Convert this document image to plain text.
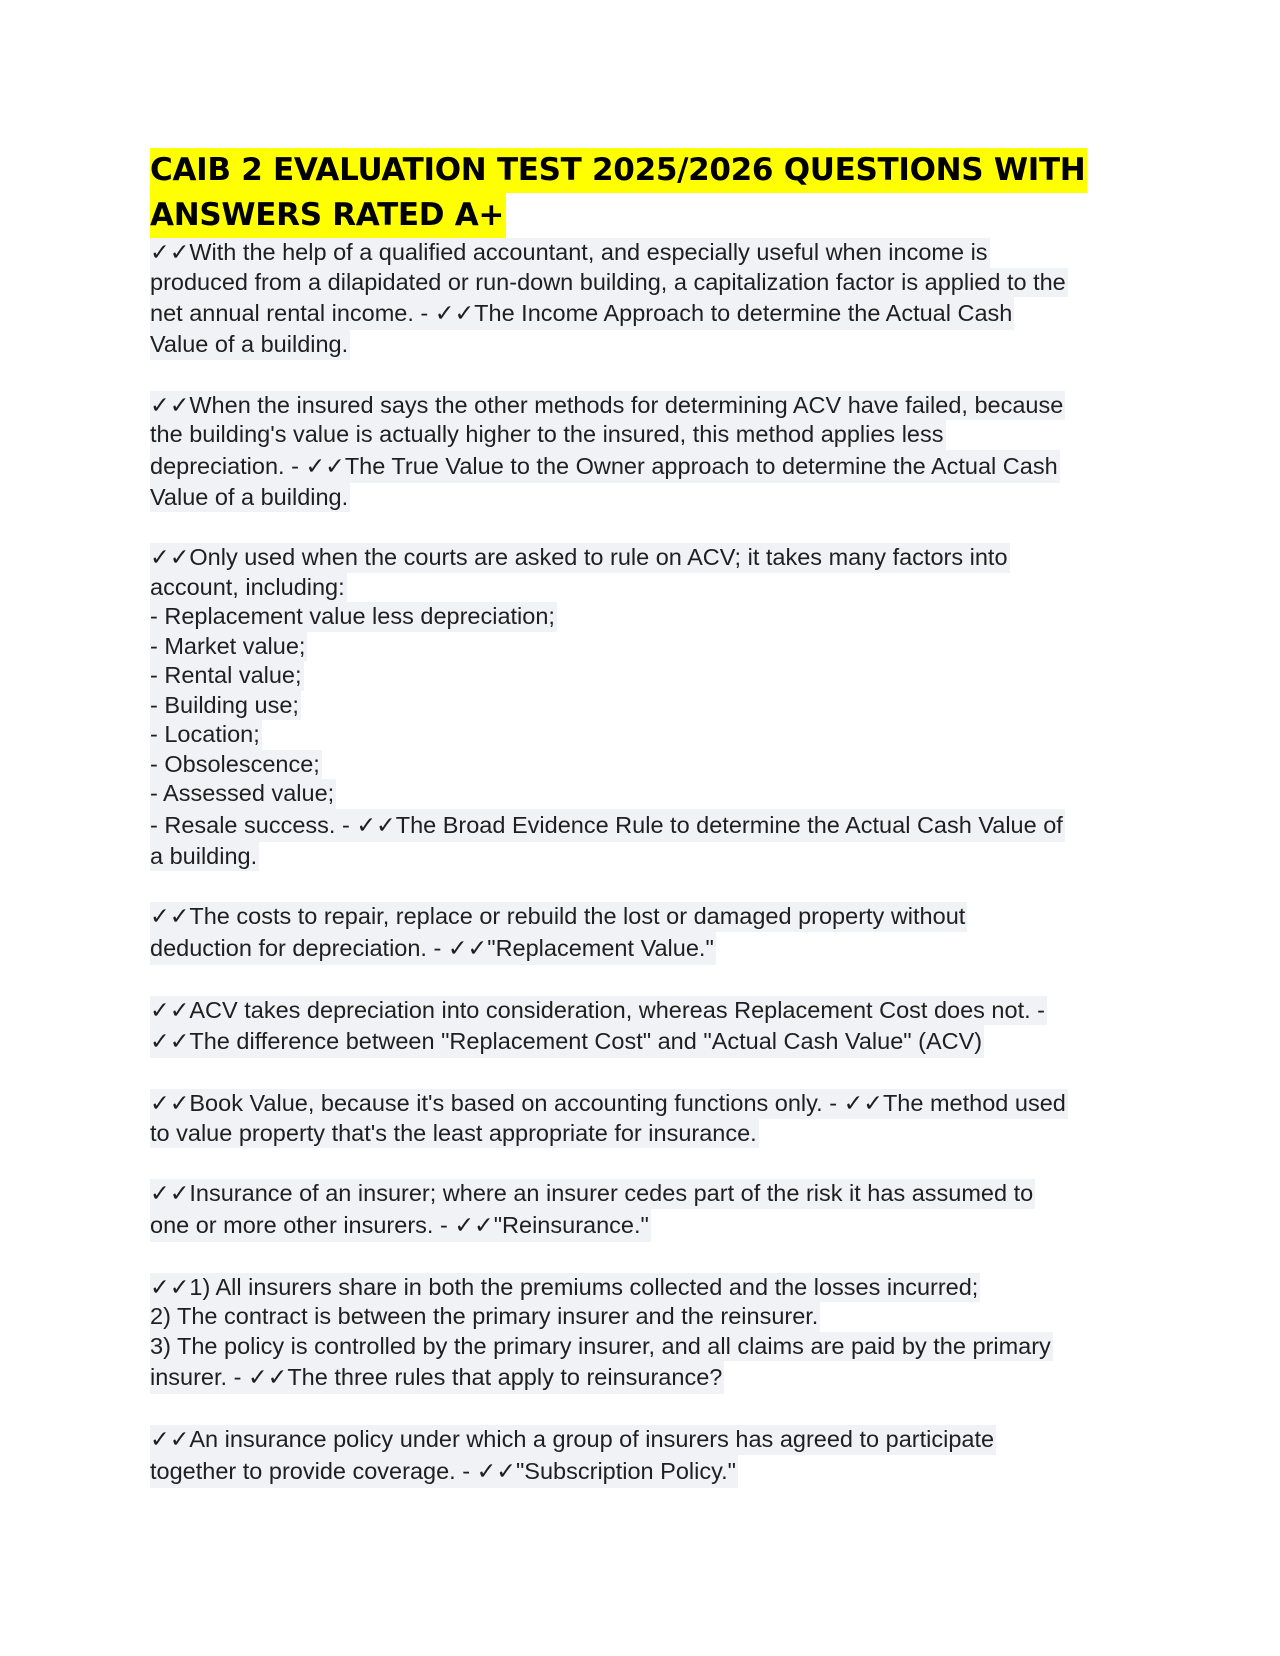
CAIB 2 EVALUATION TEST 2025/2026 QUESTIONS WITH
ANSWERS RATED A+
✓✓With the help of a qualified accountant, and especially useful when income is
produced from a dilapidated or run-down building, a capitalization factor is applied to the
net annual rental income. - ✓✓The Income Approach to determine the Actual Cash
Value of a building.
✓✓When the insured says the other methods for determining ACV have failed, because
the building's value is actually higher to the insured, this method applies less
depreciation. - ✓✓The True Value to the Owner approach to determine the Actual Cash
Value of a building.
✓✓Only used when the courts are asked to rule on ACV; it takes many factors into
account, including:
- Replacement value less depreciation;
- Market value;
- Rental value;
- Building use;
- Location;
- Obsolescence;
- Assessed value;
- Resale success. - ✓✓The Broad Evidence Rule to determine the Actual Cash Value of
a building.
✓✓The costs to repair, replace or rebuild the lost or damaged property without
deduction for depreciation. - ✓✓"Replacement Value."
✓✓ACV takes depreciation into consideration, whereas Replacement Cost does not. -
✓✓The difference between "Replacement Cost" and "Actual Cash Value" (ACV)
✓✓Book Value, because it's based on accounting functions only. - ✓✓The method used
to value property that's the least appropriate for insurance.
✓✓Insurance of an insurer; where an insurer cedes part of the risk it has assumed to
one or more other insurers. - ✓✓"Reinsurance."
✓✓1) All insurers share in both the premiums collected and the losses incurred;
2) The contract is between the primary insurer and the reinsurer.
3) The policy is controlled by the primary insurer, and all claims are paid by the primary
insurer. - ✓✓The three rules that apply to reinsurance?
✓✓An insurance policy under which a group of insurers has agreed to participate
together to provide coverage. - ✓✓"Subscription Policy."
